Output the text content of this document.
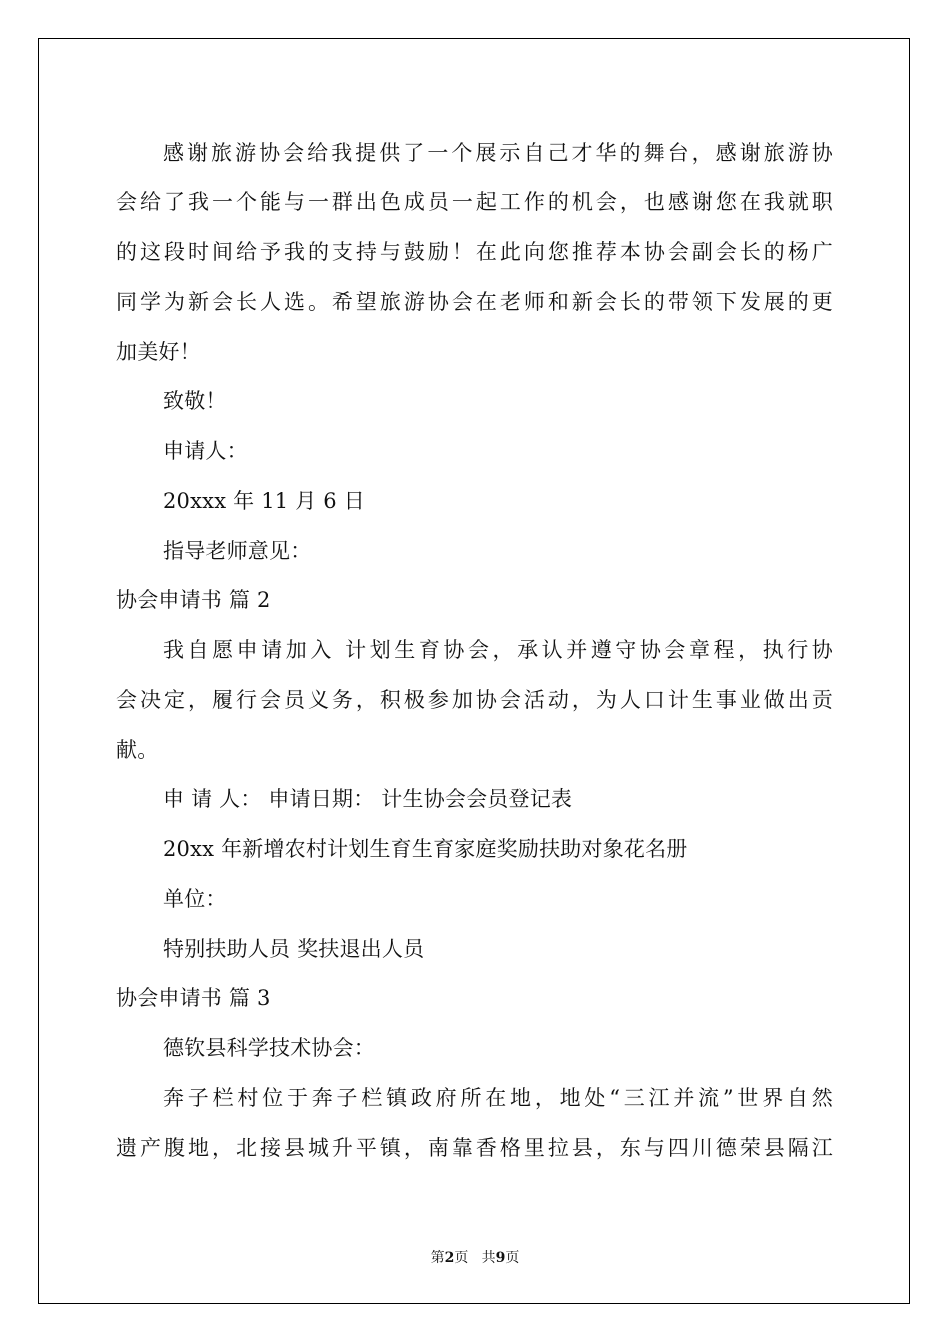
感谢旅游协会给我提供了一个展示自己才华的舞台，感谢旅游协
会给了我一个能与一群出色成员一起工作的机会，也感谢您在我就职
的这段时间给予我的支持与鼓励！在此向您推荐本协会副会长的杨广
同学为新会长人选。希望旅游协会在老师和新会长的带领下发展的更
加美好！
致敬！
申请人：
20xxx 年 11 月 6 日
指导老师意见：
协会申请书 篇 2
我自愿申请加入 计划生育协会，承认并遵守协会章程，执行协
会决定，履行会员义务，积极参加协会活动，为人口计生事业做出贡
献。
申 请 人： 申请日期： 计生协会会员登记表
20xx 年新增农村计划生育生育家庭奖励扶助对象花名册
单位：
特别扶助人员 奖扶退出人员
协会申请书 篇 3
德钦县科学技术协会：
奔子栏村位于奔子栏镇政府所在地，地处“三江并流”世界自然
遗产腹地，北接县城升平镇，南靠香格里拉县，东与四川德荣县隔江
第2页   共9页
